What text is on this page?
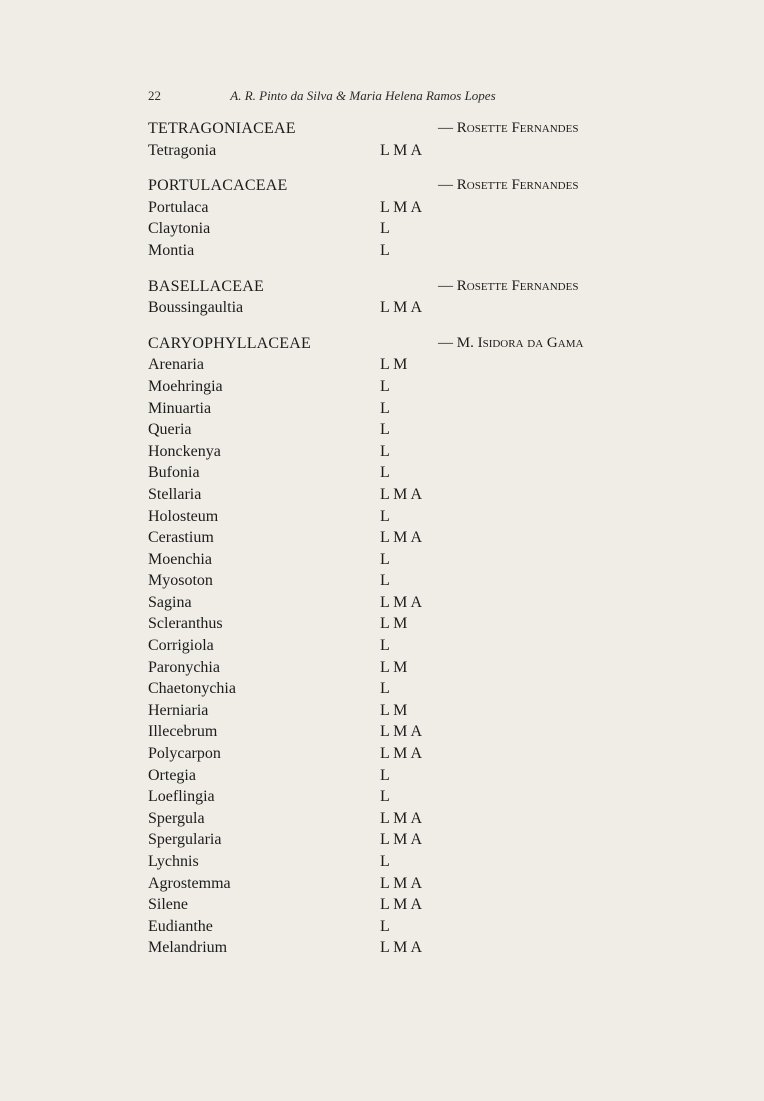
22	A. R. Pinto da Silva & Maria Helena Ramos Lopes
TETRAGONIACEAE	— Rosette Fernandes
Tetragonia	L M A
PORTULACACEAE	— Rosette Fernandes
Portulaca	L M A
Claytonia	L
Montia	L
BASELLACEAE	— Rosette Fernandes
Boussingaultia	L M A
CARYOPHYLLACEAE	— M. Isidora da Gama
Arenaria	L M
Moehringia	L
Minuartia	L
Queria	L
Honckenya	L
Bufonia	L
Stellaria	L M A
Holosteum	L
Cerastium	L M A
Moenchia	L
Myosoton	L
Sagina	L M A
Scleranthus	L M
Corrigiola	L
Paronychia	L M
Chaetonychia	L
Herniaria	L M
Illecebrum	L M A
Polycarpon	L M A
Ortegia	L
Loeflingia	L
Spergula	L M A
Spergularia	L M A
Lychnis	L
Agrostemma	L M A
Silene	L M A
Eudianthe	L
Melandrium	L M A
